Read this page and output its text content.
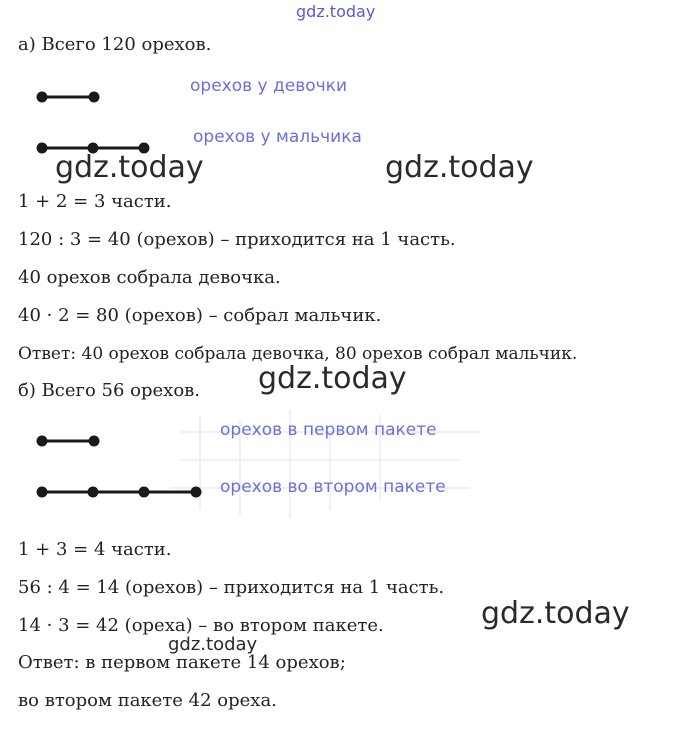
gdz.today
а) Всего 120 орехов.
орехов у девочки
орехов у мальчика
gdz.today	gdz.today
1 + 2 = 3 части.
120 : 3 = 40 (орехов) – приходится на 1 часть.
40 орехов собрала девочка.
40 · 2 = 80 (орехов) – собрал мальчик.
Ответ: 40 орехов собрала девочка, 80 орехов собрал мальчик.
gdz.today
б) Всего 56 орехов.
орехов в первом пакете
орехов во втором пакете
1 + 3 = 4 части.
56 : 4 = 14 (орехов) – приходится на 1 часть.
14 · 3 = 42 (ореха) – во втором пакете.	gdz.today
gdz.today
Ответ: в первом пакете 14 орехов;
во втором пакете 42 ореха.
